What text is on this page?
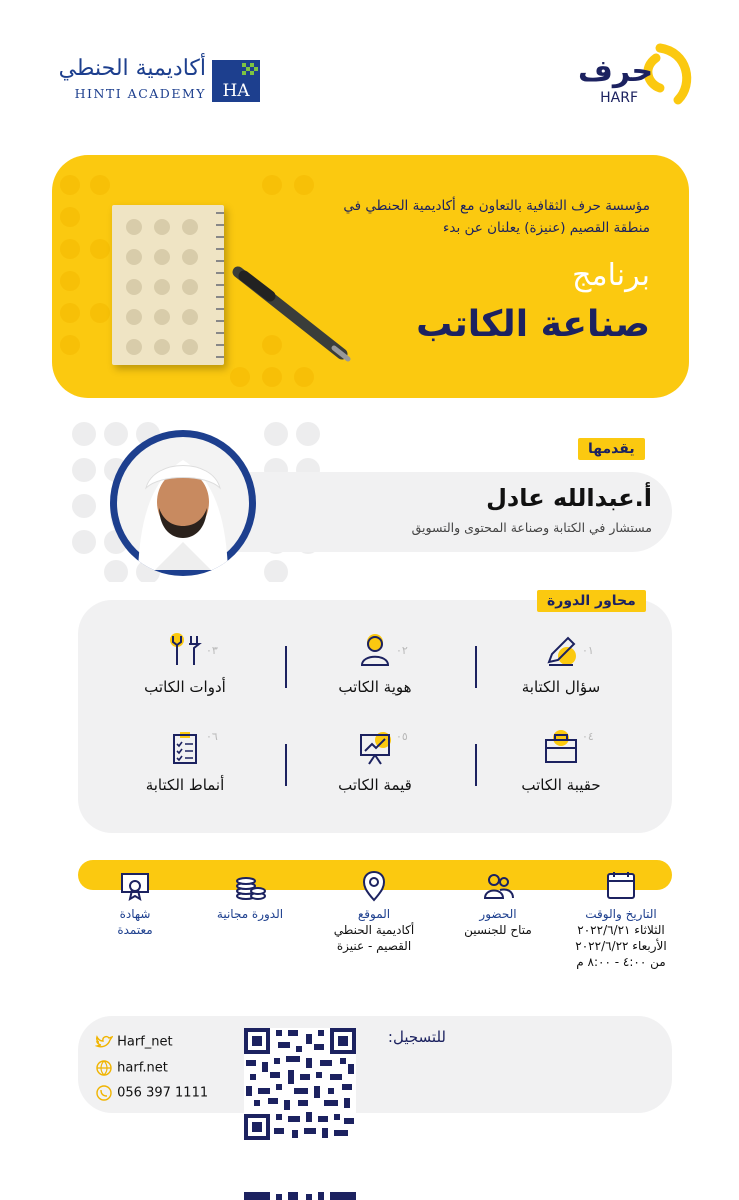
حرف
HARF
HA
أكاديمية الحنطي
HINTI ACADEMY
مؤسسة حرف الثقافية بالتعاون مع أكاديمية الحنطي في منطقة القصيم (عنيزة) يعلنان عن بدء
برنامج
صناعة الكاتب
يقدمها
أ.عبدالله عادل
مستشار في الكتابة وصناعة المحتوى والتسويق
محاور الدورة
٠١
سؤال الكتابة
٠٢
هوية الكاتب
٠٣
أدوات الكاتب
٠٤
حقيبة الكاتب
٠٥
قيمة الكاتب
٠٦
أنماط الكتابة
التاريخ والوقت
الثلاثاء ٢٠٢٢/٦/٢١
الأربعاء ٢٠٢٢/٦/٢٢
من ٤:٠٠ - ٨:٠٠ م
الحضور
متاح للجنسين
الموقع
أكاديمية الحنطي
القصيم - عنيزة
الدورة مجانية
شهادة
معتمدة
Harf_net
harf.net
056 397 1111
للتسجيل:
